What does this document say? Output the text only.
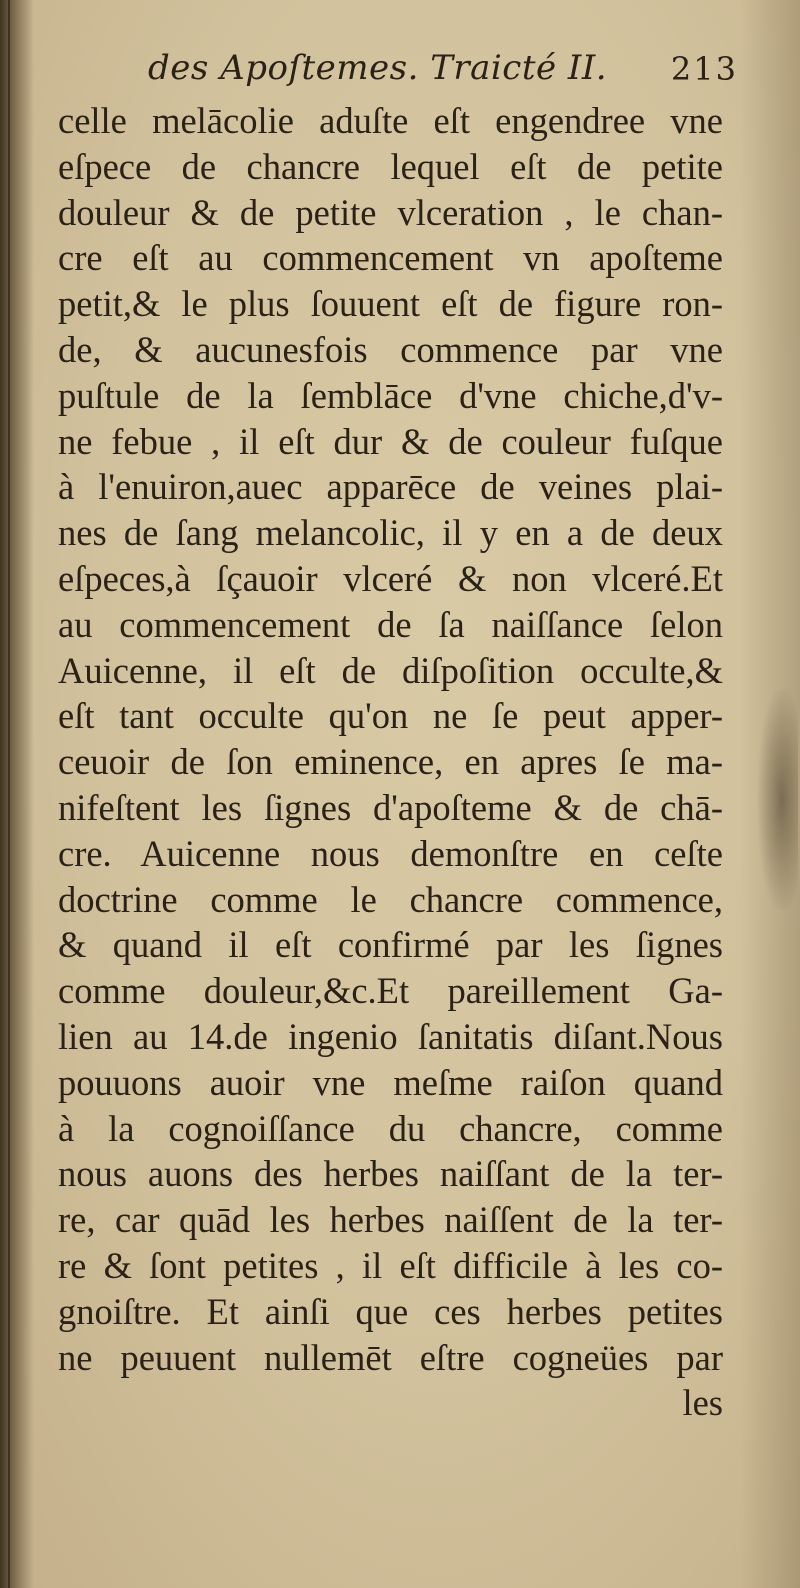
des Apoſtemes. Traicté II. 213
celle melācolie aduſte eſt engendree vne
eſpece de chancre lequel eſt de petite
douleur & de petite vlceration , le chan-
cre eſt au commencement vn apoſteme
petit,& le plus ſouuent eſt de figure ron-
de, & aucunesfois commence par vne
puſtule de la ſemblāce d'vne chiche,d'v-
ne febue , il eſt dur & de couleur fuſque
à l'enuiron,auec apparēce de veines plai-
nes de ſang melancolic, il y en a de deux
eſpeces,à ſçauoir vlceré & non vlceré.Et
au commencement de ſa naiſſance ſelon
Auicenne, il eſt de diſpoſition occulte,&
eſt tant occulte qu'on ne ſe peut apper-
ceuoir de ſon eminence, en apres ſe ma-
nifeſtent les ſignes d'apoſteme & de chā-
cre. Auicenne nous demonſtre en ceſte
doctrine comme le chancre commence,
& quand il eſt confirmé par les ſignes
comme douleur,&c.Et pareillement Ga-
lien au 14.de ingenio ſanitatis diſant.Nous
pouuons auoir vne meſme raiſon quand
à la cognoiſſance du chancre, comme
nous auons des herbes naiſſant de la ter-
re, car quād les herbes naiſſent de la ter-
re & ſont petites , il eſt difficile à les co-
gnoiſtre. Et ainſi que ces herbes petites
ne peuuent nullemēt eſtre cogneües par
les
